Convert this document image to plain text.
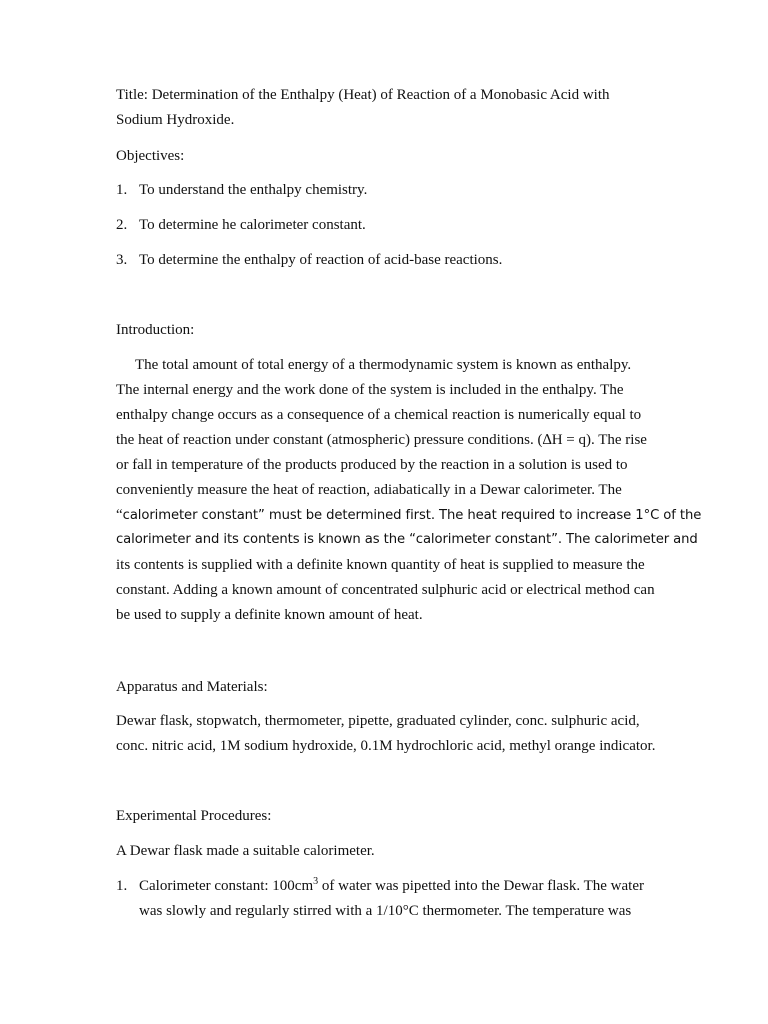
Title: Determination of the Enthalpy (Heat) of Reaction of a Monobasic Acid with
Sodium Hydroxide.
Objectives:
1. To understand the enthalpy chemistry.
2. To determine he calorimeter constant.
3. To determine the enthalpy of reaction of acid-base reactions.
Introduction:
The total amount of total energy of a thermodynamic system is known as enthalpy.
The internal energy and the work done of the system is included in the enthalpy. The
enthalpy change occurs as a consequence of a chemical reaction is numerically equal to
the heat of reaction under constant (atmospheric) pressure conditions. (∆H = q). The rise
or fall in temperature of the products produced by the reaction in a solution is used to
conveniently measure the heat of reaction, adiabatically in a Dewar calorimeter. The
“calorimeter constant” must be determined first. The heat required to increase 1°C of the
calorimeter and its contents is known as the “calorimeter constant”. The calorimeter and
its contents is supplied with a definite known quantity of heat is supplied to measure the
constant. Adding a known amount of concentrated sulphuric acid or electrical method can
be used to supply a definite known amount of heat.
Apparatus and Materials:
Dewar flask, stopwatch, thermometer, pipette, graduated cylinder, conc. sulphuric acid,
conc. nitric acid, 1M sodium hydroxide, 0.1M hydrochloric acid, methyl orange indicator.
Experimental Procedures:
A Dewar flask made a suitable calorimeter.
1. Calorimeter constant: $100cm^3$ of water was pipetted into the Dewar flask. The water
was slowly and regularly stirred with a 1/10°C thermometer. The temperature was
